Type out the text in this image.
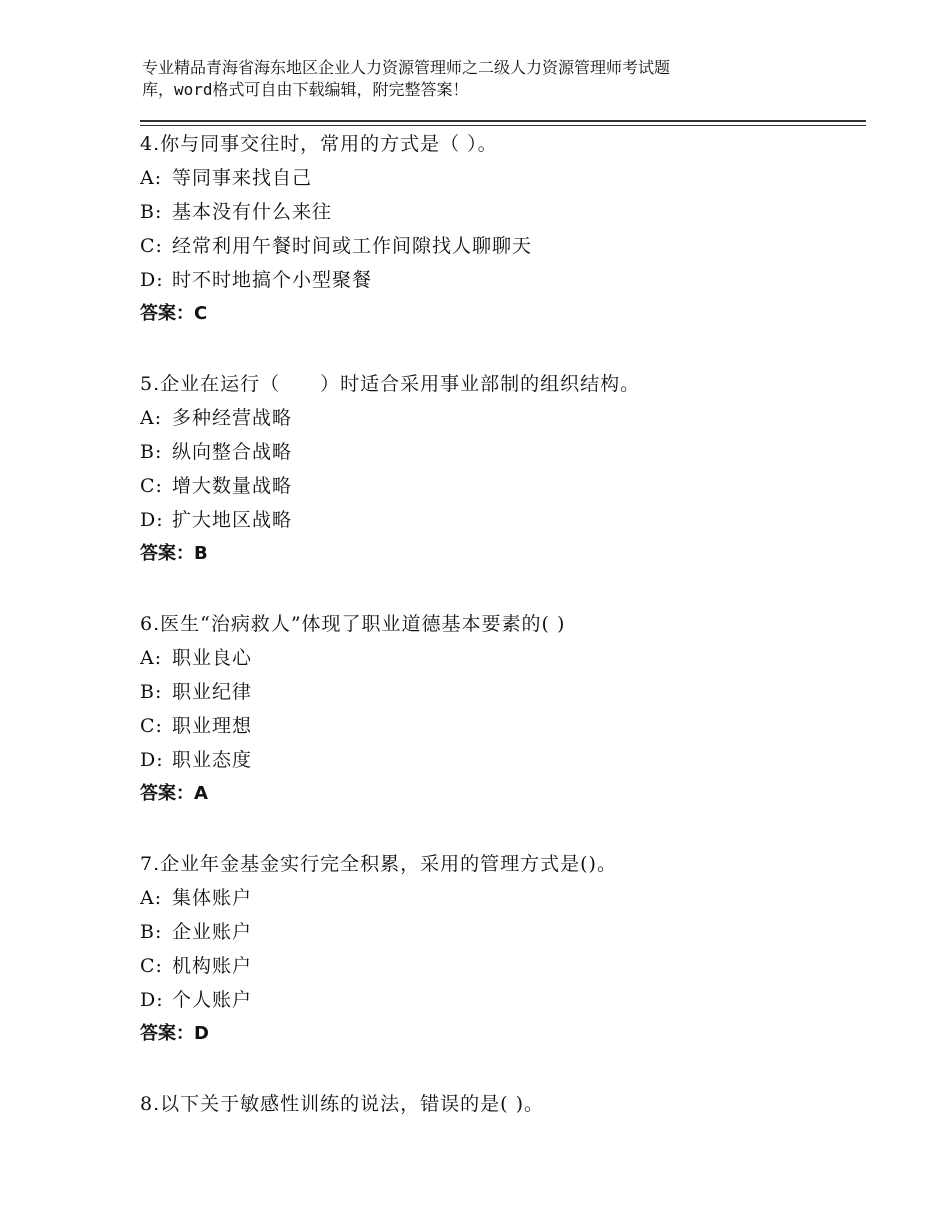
专业精品青海省海东地区企业人力资源管理师之二级人力资源管理师考试题
库，word格式可自由下载编辑，附完整答案！
4.你与同事交往时，常用的方式是（ ）。
A: 等同事来找自己
B: 基本没有什么来往
C: 经常利用午餐时间或工作间隙找人聊聊天
D: 时不时地搞个小型聚餐
答案：C
5.企业在运行（　　）时适合采用事业部制的组织结构。
A: 多种经营战略
B: 纵向整合战略
C: 增大数量战略
D: 扩大地区战略
答案：B
6.医生“治病救人”体现了职业道德基本要素的( )
A: 职业良心
B: 职业纪律
C: 职业理想
D: 职业态度
答案：A
7.企业年金基金实行完全积累，采用的管理方式是()。
A: 集体账户
B: 企业账户
C: 机构账户
D: 个人账户
答案：D
8.以下关于敏感性训练的说法，错误的是( )。
